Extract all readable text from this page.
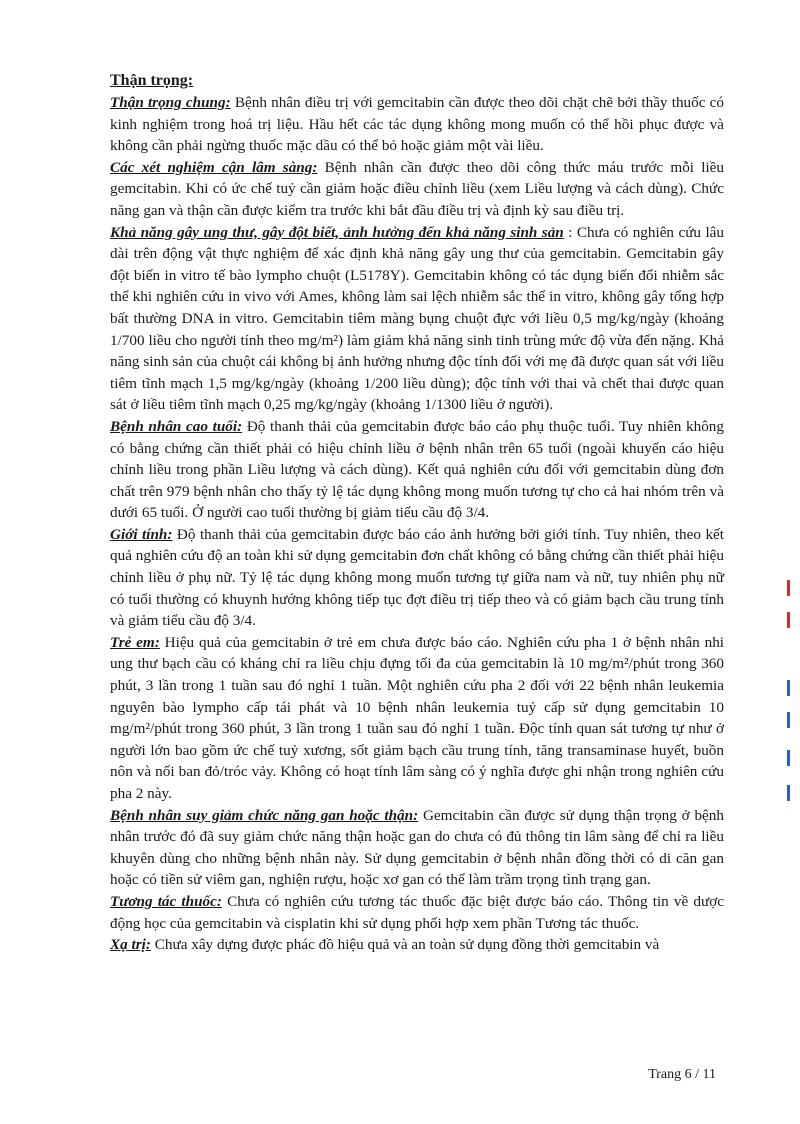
Thận trọng:

Thận trọng chung: Bệnh nhân điều trị với gemcitabin cần được theo dõi chặt chẽ bởi thầy thuốc có kinh nghiệm trong hoá trị liệu. Hầu hết các tác dụng không mong muốn có thể hồi phục được và không cần phải ngừng thuốc mặc dầu có thể bỏ hoặc giảm một vài liều.

Các xét nghiệm cận lâm sàng: Bệnh nhân cần được theo dõi công thức máu trước mỗi liều gemcitabin. Khi có ức chế tuỷ cần giảm hoặc điều chỉnh liều (xem Liều lượng và cách dùng). Chức năng gan và thận cần được kiểm tra trước khi bắt đầu điều trị và định kỳ sau điều trị.

Khả năng gây ung thư, gây đột biết, ảnh hưởng đến khả năng sinh sản : Chưa có nghiên cứu lâu dài trên động vật thực nghiệm để xác định khả năng gây ung thư của gemcitabin. Gemcitabin gây đột biến in vitro tế bào lympho chuột (L5178Y). Gemcitabin không có tác dụng biến đổi nhiễm sắc thể khi nghiên cứu in vivo với Ames, không làm sai lệch nhiễm sắc thể in vitro, không gây tổng hợp bất thường DNA in vitro. Gemcitabin tiêm màng bụng chuột đực với liều 0,5 mg/kg/ngày (khoảng 1/700 liều cho người tính theo mg/m²) làm giảm khả năng sinh tinh trùng mức độ vừa đến nặng. Khả năng sinh sản của chuột cái không bị ảnh hưởng nhưng độc tính đối với mẹ đã được quan sát với liều tiêm tĩnh mạch 1,5 mg/kg/ngày (khoảng 1/200 liều dùng); độc tính với thai và chết thai được quan sát ở liều tiêm tĩnh mạch 0,25 mg/kg/ngày (khoảng 1/1300 liều ở người).

Bệnh nhân cao tuổi: Độ thanh thải của gemcitabin được báo cáo phụ thuộc tuổi. Tuy nhiên không có bằng chứng cần thiết phải có hiệu chỉnh liều ở bệnh nhân trên 65 tuổi (ngoài khuyến cáo hiệu chỉnh liều trong phần Liều lượng và cách dùng). Kết quả nghiên cứu đối với gemcitabin dùng đơn chất trên 979 bệnh nhân cho thấy tỷ lệ tác dụng không mong muốn tương tự cho cả hai nhóm trên và dưới 65 tuổi. Ở người cao tuổi thường bị giảm tiểu cầu độ 3/4.

Giới tính: Độ thanh thải của gemcitabin được báo cáo ảnh hưởng bởi giới tính. Tuy nhiên, theo kết quả nghiên cứu độ an toàn khi sử dụng gemcitabin đơn chất không có bằng chứng cần thiết phải hiệu chỉnh liều ở phụ nữ. Tỷ lệ tác dụng không mong muốn tương tự giữa nam và nữ, tuy nhiên phụ nữ có tuổi thường có khuynh hướng không tiếp tục đợt điều trị tiếp theo và có giảm bạch cầu trung tính và giảm tiểu cầu độ 3/4.

Trẻ em: Hiệu quả của gemcitabin ở trẻ em chưa được báo cáo. Nghiên cứu pha 1 ở bệnh nhân nhi ung thư bạch cầu có kháng chỉ ra liều chịu đựng tối đa của gemcitabin là 10 mg/m²/phút trong 360 phút, 3 lần trong 1 tuần sau đó nghỉ 1 tuần. Một nghiên cứu pha 2 đối với 22 bệnh nhân leukemia nguyên bào lympho cấp tái phát và 10 bệnh nhân leukemia tuỷ cấp sử dụng gemcitabin 10 mg/m²/phút trong 360 phút, 3 lần trong 1 tuần sau đó nghỉ 1 tuần. Độc tính quan sát tương tự như ở người lớn bao gồm ức chế tuỷ xương, sốt giảm bạch cầu trung tính, tăng transaminase huyết, buồn nôn và nổi ban đỏ/tróc vảy. Không có hoạt tính lâm sàng có ý nghĩa được ghi nhận trong nghiên cứu pha 2 này.

Bệnh nhân suy giảm chức năng gan hoặc thận: Gemcitabin cần được sử dụng thận trọng ở bệnh nhân trước đó đã suy giảm chức năng thận hoặc gan do chưa có đủ thông tin lâm sàng để chỉ ra liều khuyên dùng cho những bệnh nhân này. Sử dụng gemcitabin ở bệnh nhân đồng thời có di căn gan hoặc có tiền sử viêm gan, nghiện rượu, hoặc xơ gan có thể làm trầm trọng tình trạng gan.

Tương tác thuốc: Chưa có nghiên cứu tương tác thuốc đặc biệt được báo cáo. Thông tin về dược động học của gemcitabin và cisplatin khi sử dụng phối hợp xem phần Tương tác thuốc.

Xạ trị: Chưa xây dựng được phác đồ hiệu quả và an toàn sử dụng đồng thời gemcitabin và

Trang 6 / 11
